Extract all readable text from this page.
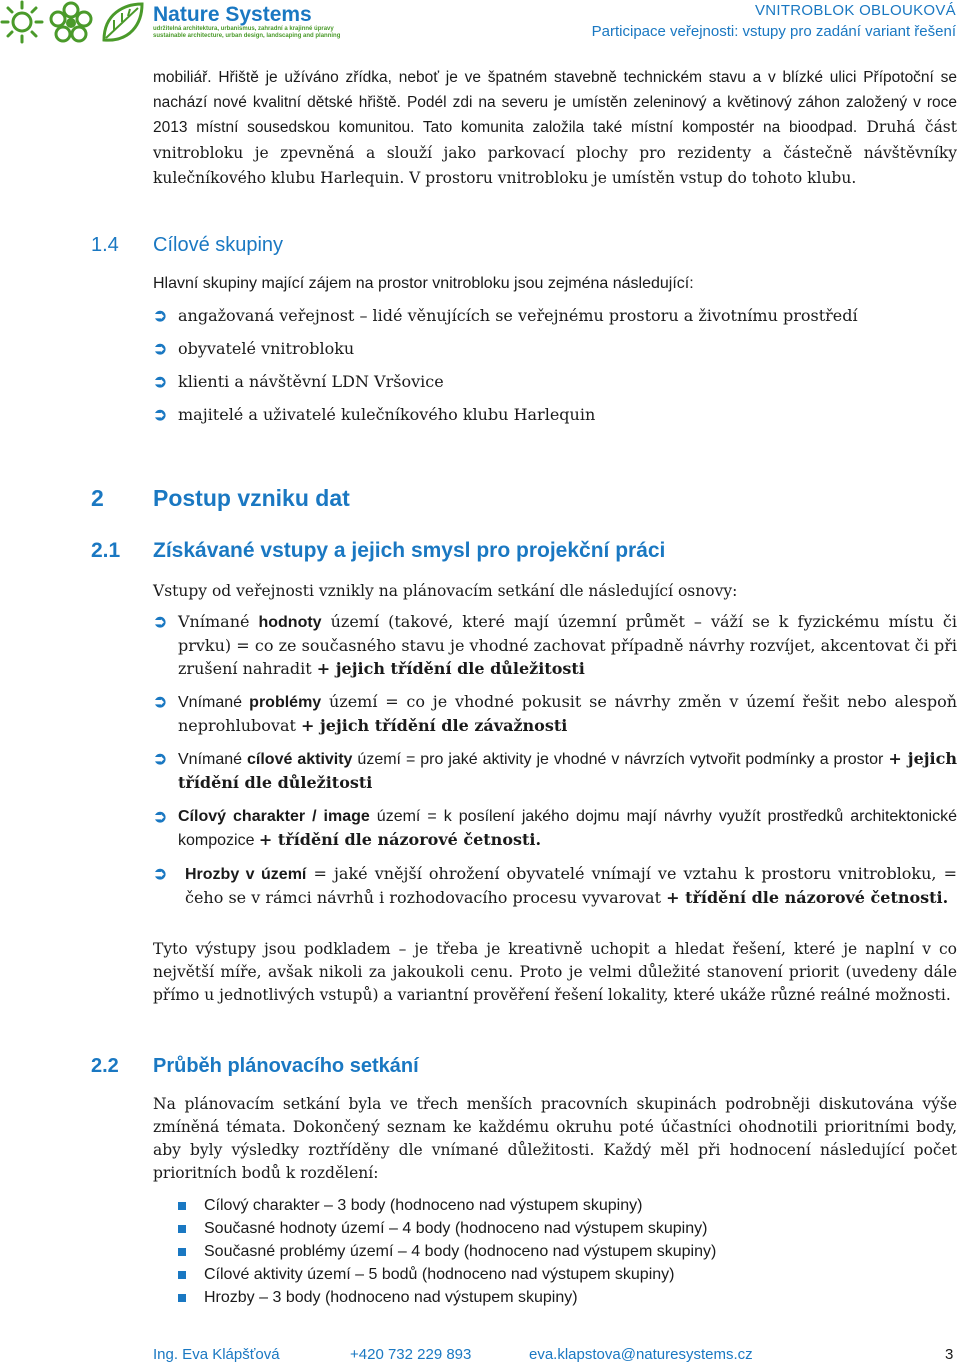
Nature Systems
udržitelná architektura, urbanismus, zahradní a krajinné úpravy
sustainable architecture, urban design, landscaping and planning
VNITROBLOK OBLOUKOVÁ
Participace veřejnosti: vstupy pro zadání variant řešení
mobiliář. Hřiště je užíváno zřídka, neboť je ve špatném stavebně technickém stavu a v blízké ulici Přípotoční se nachází nové kvalitní dětské hřiště. Podél zdi na severu je umístěn zeleninový a květinový záhon založený v roce 2013 místní sousedskou komunitou. Tato komunita založila také místní kompostér na bioodpad. Druhá část vnitrobloku je zpevněná a slouží jako parkovací plochy pro rezidenty a částečně návštěvníky kulečníkového klubu Harlequin. V prostoru vnitrobloku je umístěn vstup do tohoto klubu.
1.4 Cílové skupiny
Hlavní skupiny mající zájem na prostor vnitrobloku jsou zejména následující:
➲ angažovaná veřejnost – lidé věnujících se veřejnému prostoru a životnímu prostředí
➲ obyvatelé vnitrobloku
➲ klienti a návštěvní LDN Vršovice
➲ majitelé a uživatelé kulečníkového klubu Harlequin
2 Postup vzniku dat
2.1 Získávané vstupy a jejich smysl pro projekční práci
Vstupy od veřejnosti vznikly na plánovacím setkání dle následující osnovy:
➲ Vnímané hodnoty území (takové, které mají územní průmět – váží se k fyzickému místu či prvku) = co ze současného stavu je vhodné zachovat případně návrhy rozvíjet, akcentovat či při zrušení nahradit + jejich třídění dle důležitosti
➲ Vnímané problémy území = co je vhodné pokusit se návrhy změn v území řešit nebo alespoň neprohlubovat + jejich třídění dle závažnosti
➲ Vnímané cílové aktivity území = pro jaké aktivity je vhodné v návrzích vytvořit podmínky a prostor + jejich třídění dle důležitosti
➲ Cílový charakter / image území = k posílení jakého dojmu mají návrhy využít prostředků architektonické kompozice + třídění dle názorové četnosti.
➲ Hrozby v území = jaké vnější ohrožení obyvatelé vnímají ve vztahu k prostoru vnitrobloku, = čeho se v rámci návrhů i rozhodovacího procesu vyvarovat + třídění dle názorové četnosti.
Tyto výstupy jsou podkladem – je třeba je kreativně uchopit a hledat řešení, které je naplní v co největší míře, avšak nikoli za jakoukoli cenu. Proto je velmi důležité stanovení priorit (uvedeny dále přímo u jednotlivých vstupů) a variantní prověření řešení lokality, které ukáže různé reálné možnosti.
2.2 Průběh plánovacího setkání
Na plánovacím setkání byla ve třech menších pracovních skupinách podrobněji diskutována výše zmíněná témata. Dokončený seznam ke každému okruhu poté účastníci ohodnotili prioritními body, aby byly výsledky roztříděny dle vnímané důležitosti. Každý měl při hodnocení následující počet prioritních bodů k rozdělení:
Cílový charakter – 3 body (hodnoceno nad výstupem skupiny)
Současné hodnoty území – 4 body (hodnoceno nad výstupem skupiny)
Současné problémy území – 4 body (hodnoceno nad výstupem skupiny)
Cílové aktivity území – 5 bodů (hodnoceno nad výstupem skupiny)
Hrozby – 3 body (hodnoceno nad výstupem skupiny)
Ing. Eva Klápšťová	+420 732 229 893	eva.klapstova@naturesystems.cz	3
